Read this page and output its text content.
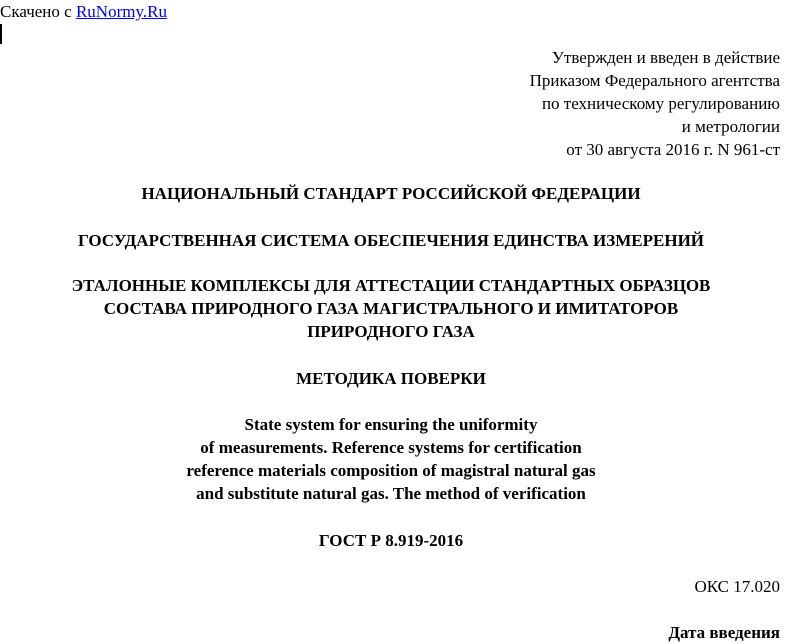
Скачено с RuNormy.Ru
Утвержден и введен в действие
Приказом Федерального агентства
по техническому регулированию
и метрологии
от 30 августа 2016 г. N 961-ст
НАЦИОНАЛЬНЫЙ СТАНДАРТ РОССИЙСКОЙ ФЕДЕРАЦИИ
ГОСУДАРСТВЕННАЯ СИСТЕМА ОБЕСПЕЧЕНИЯ ЕДИНСТВА ИЗМЕРЕНИЙ
ЭТАЛОННЫЕ КОМПЛЕКСЫ ДЛЯ АТТЕСТАЦИИ СТАНДАРТНЫХ ОБРАЗЦОВ
СОСТАВА ПРИРОДНОГО ГАЗА МАГИСТРАЛЬНОГО И ИМИТАТОРОВ
ПРИРОДНОГО ГАЗА
МЕТОДИКА ПОВЕРКИ
State system for ensuring the uniformity
of measurements. Reference systems for certification
reference materials composition of magistral natural gas
and substitute natural gas. The method of verification
ГОСТ Р 8.919-2016
ОКС 17.020
Дата введения
